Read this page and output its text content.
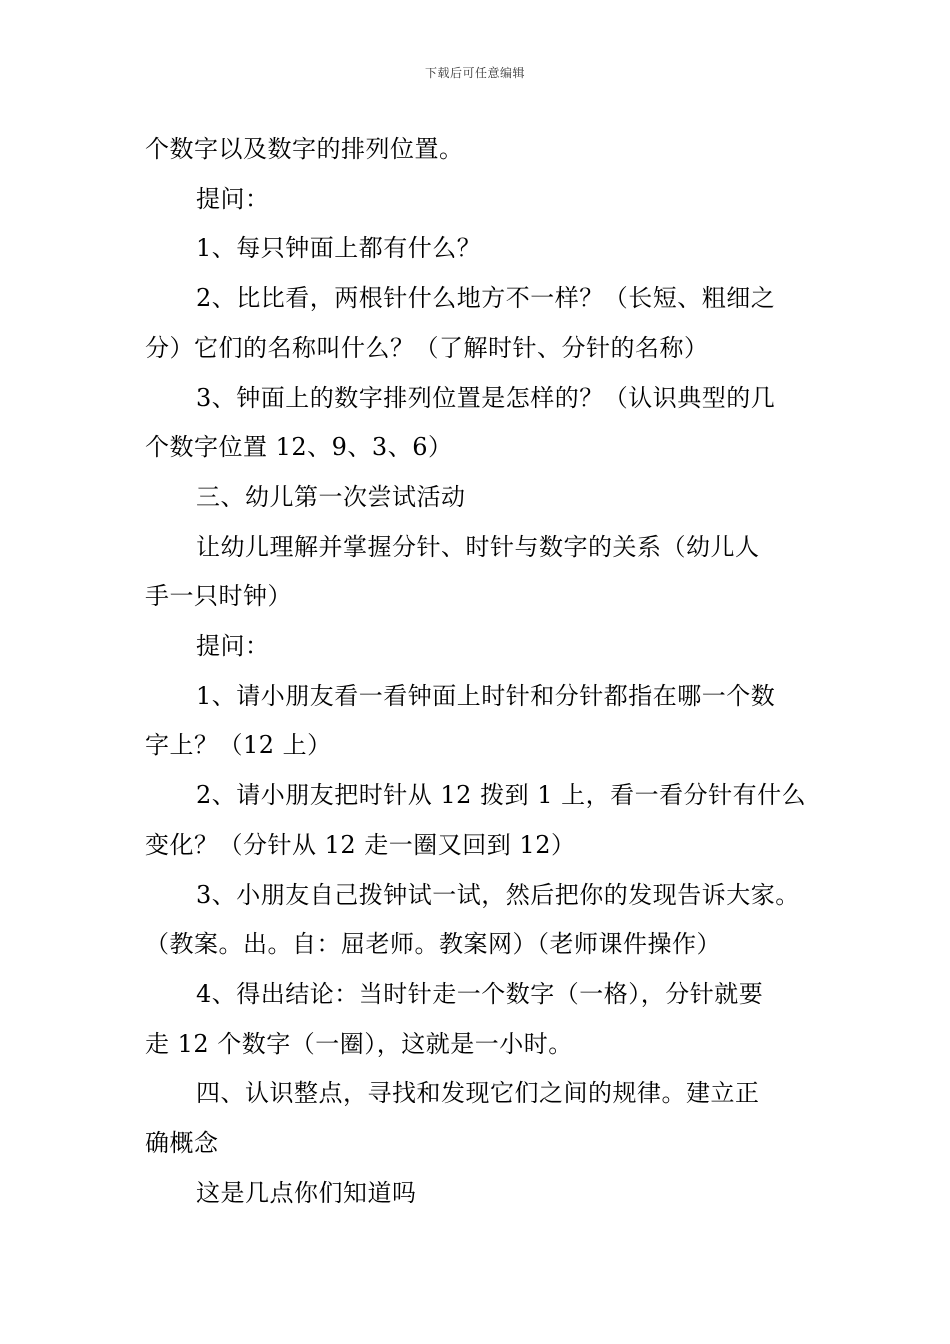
下载后可任意编辑

个数字以及数字的排列位置。

提问：

1、每只钟面上都有什么？

2、比比看，两根针什么地方不一样？（长短、粗细之

分）它们的名称叫什么？（了解时针、分针的名称）

3、钟面上的数字排列位置是怎样的？（认识典型的几

个数字位置 12、9、3、6）

三、幼儿第一次尝试活动

让幼儿理解并掌握分针、时针与数字的关系（幼儿人

手一只时钟）

提问：

1、请小朋友看一看钟面上时针和分针都指在哪一个数

字上？（12 上）

2、请小朋友把时针从 12 拨到 1 上，看一看分针有什么

变化？（分针从 12 走一圈又回到 12）

3、小朋友自己拨钟试一试，然后把你的发现告诉大家。

（教案。出。自：屈老师。教案网）（老师课件操作）

4、得出结论：当时针走一个数字（一格），分针就要

走 12 个数字（一圈），这就是一小时。

四、认识整点，寻找和发现它们之间的规律。建立正

确概念

这是几点你们知道吗
